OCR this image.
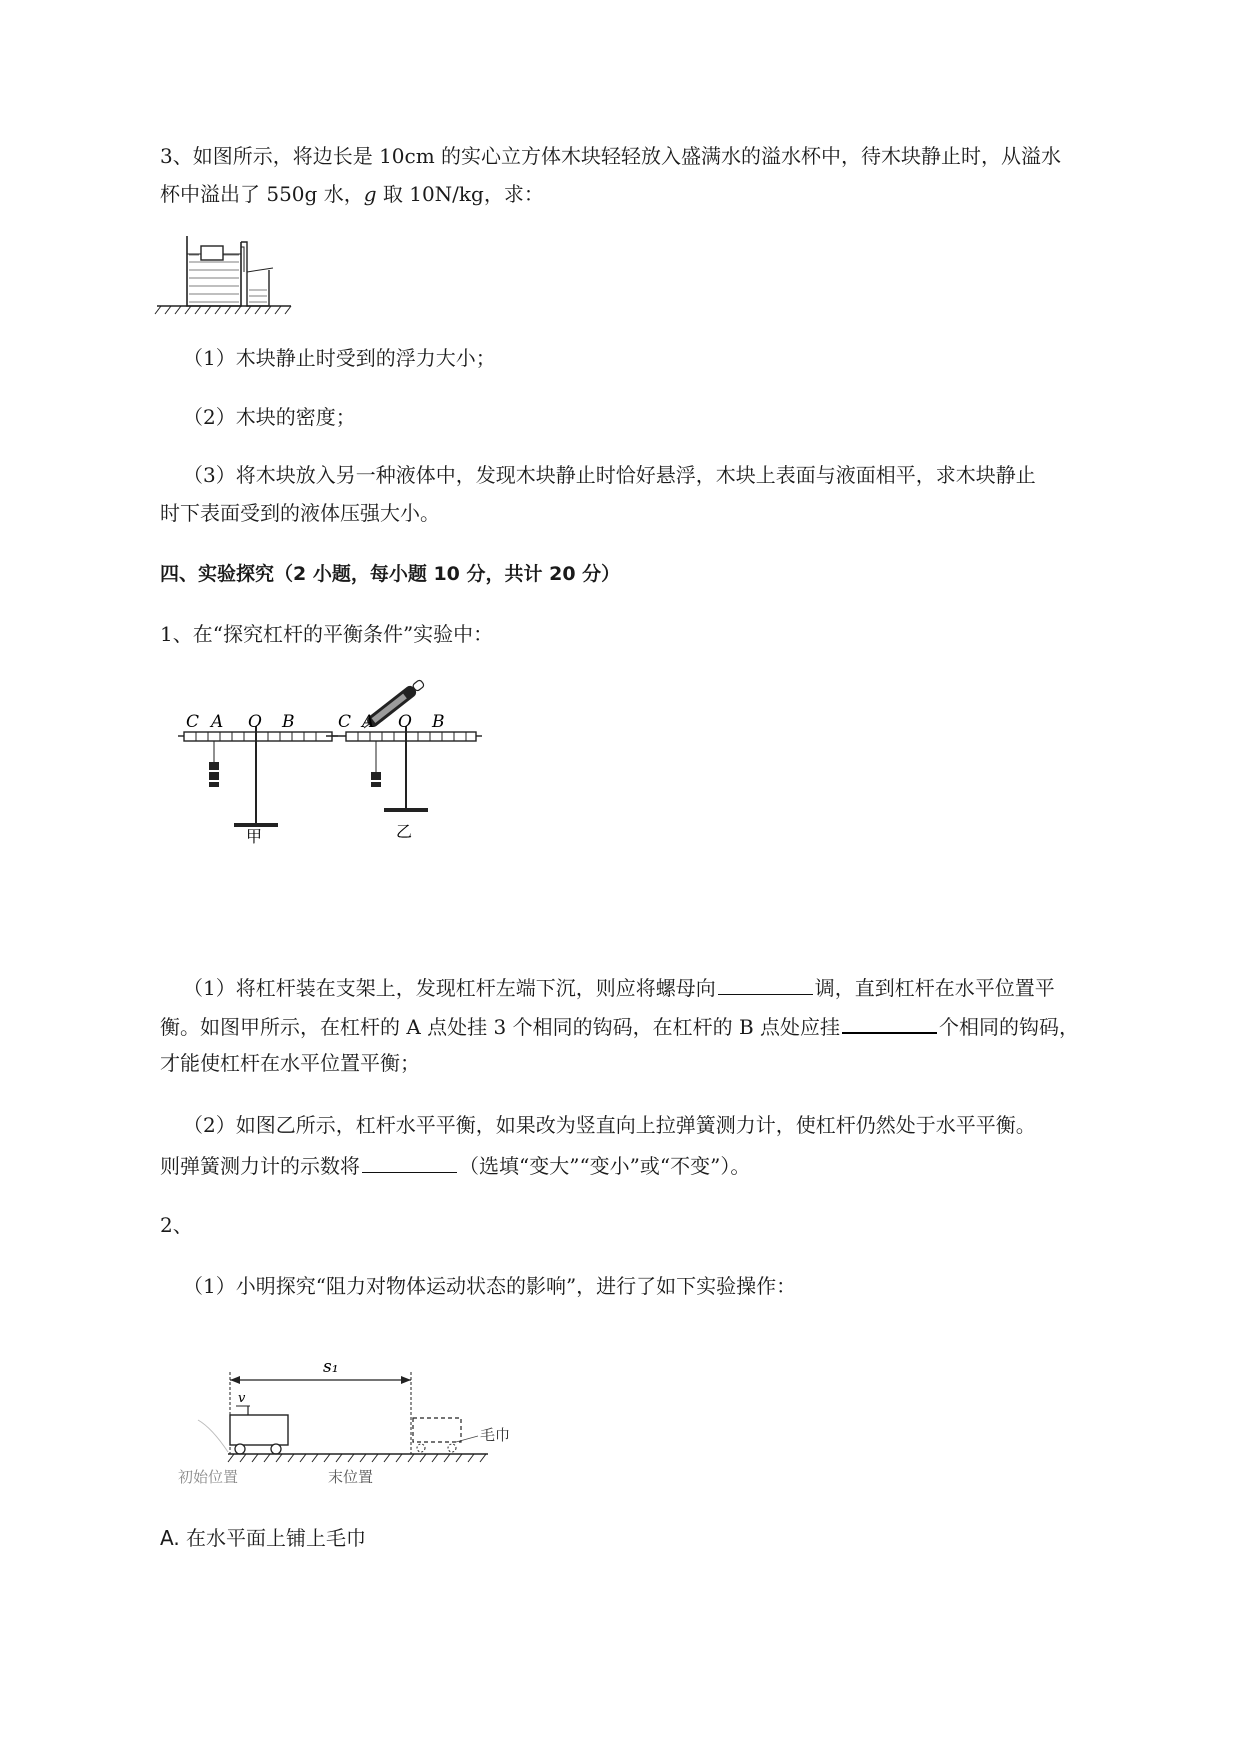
3、如图所示，将边长是 10cm 的实心立方体木块轻轻放入盛满水的溢水杯中，待木块静止时，从溢水
杯中溢出了 550g 水，g 取 10N/kg，求：
（1）木块静止时受到的浮力大小；
（2）木块的密度；
（3）将木块放入另一种液体中，发现木块静止时恰好悬浮，木块上表面与液面相平，求木块静止
时下表面受到的液体压强大小。
四、实验探究（2 小题，每小题 10 分，共计 20 分）
1、在“探究杠杆的平衡条件”实验中：
C A O B
甲
C A O B
乙
（1）将杠杆装在支架上，发现杠杆左端下沉，则应将螺母向	调，直到杠杆在水平位置平
衡。如图甲所示，在杠杆的 A 点处挂 3 个相同的钩码，在杠杆的 B 点处应挂	个相同的钩码，
才能使杠杆在水平位置平衡；
（2）如图乙所示，杠杆水平平衡，如果改为竖直向上拉弹簧测力计，使杠杆仍然处于水平平衡。
则弹簧测力计的示数将	（选填“变大”“变小”或“不变”）。
2、
（1）小明探究“阻力对物体运动状态的影响”，进行了如下实验操作：
s₁
v
毛巾
初始位置	末位置
A. 在水平面上铺上毛巾
